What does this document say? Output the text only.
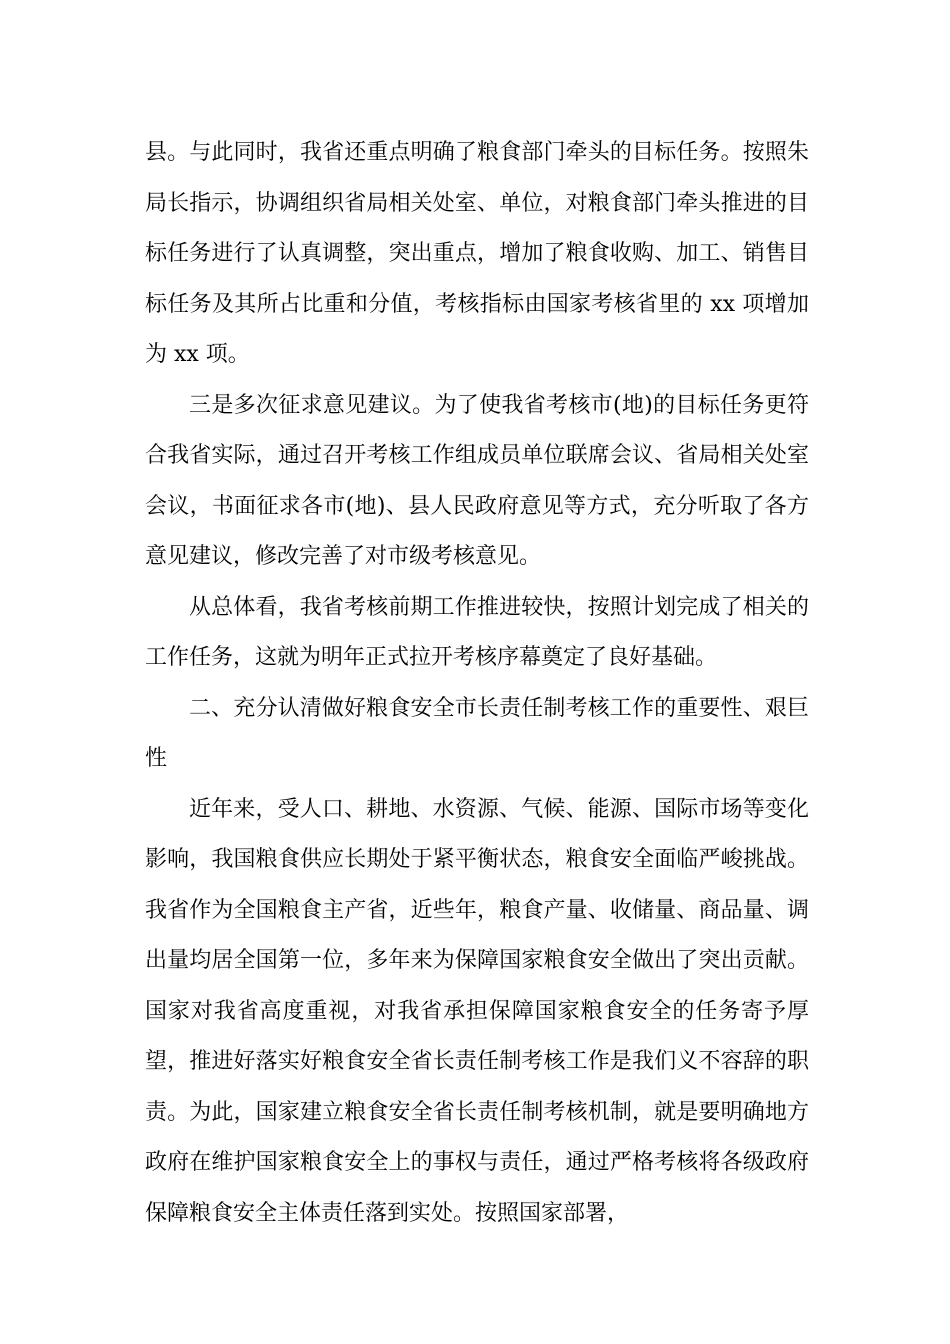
县。与此同时，我省还重点明确了粮食部门牵头的目标任务。按照朱局长指示，协调组织省局相关处室、单位，对粮食部门牵头推进的目标任务进行了认真调整，突出重点，增加了粮食收购、加工、销售目标任务及其所占比重和分值，考核指标由国家考核省里的 xx 项增加为 xx 项。

三是多次征求意见建议。为了使我省考核市(地)的目标任务更符合我省实际，通过召开考核工作组成员单位联席会议、省局相关处室会议，书面征求各市(地)、县人民政府意见等方式，充分听取了各方意见建议，修改完善了对市级考核意见。

从总体看，我省考核前期工作推进较快，按照计划完成了相关的工作任务，这就为明年正式拉开考核序幕奠定了良好基础。

二、充分认清做好粮食安全市长责任制考核工作的重要性、艰巨性

近年来，受人口、耕地、水资源、气候、能源、国际市场等变化影响，我国粮食供应长期处于紧平衡状态，粮食安全面临严峻挑战。我省作为全国粮食主产省，近些年，粮食产量、收储量、商品量、调出量均居全国第一位，多年来为保障国家粮食安全做出了突出贡献。国家对我省高度重视，对我省承担保障国家粮食安全的任务寄予厚望，推进好落实好粮食安全省长责任制考核工作是我们义不容辞的职责。为此，国家建立粮食安全省长责任制考核机制，就是要明确地方政府在维护国家粮食安全上的事权与责任，通过严格考核将各级政府保障粮食安全主体责任落到实处。按照国家部署，
